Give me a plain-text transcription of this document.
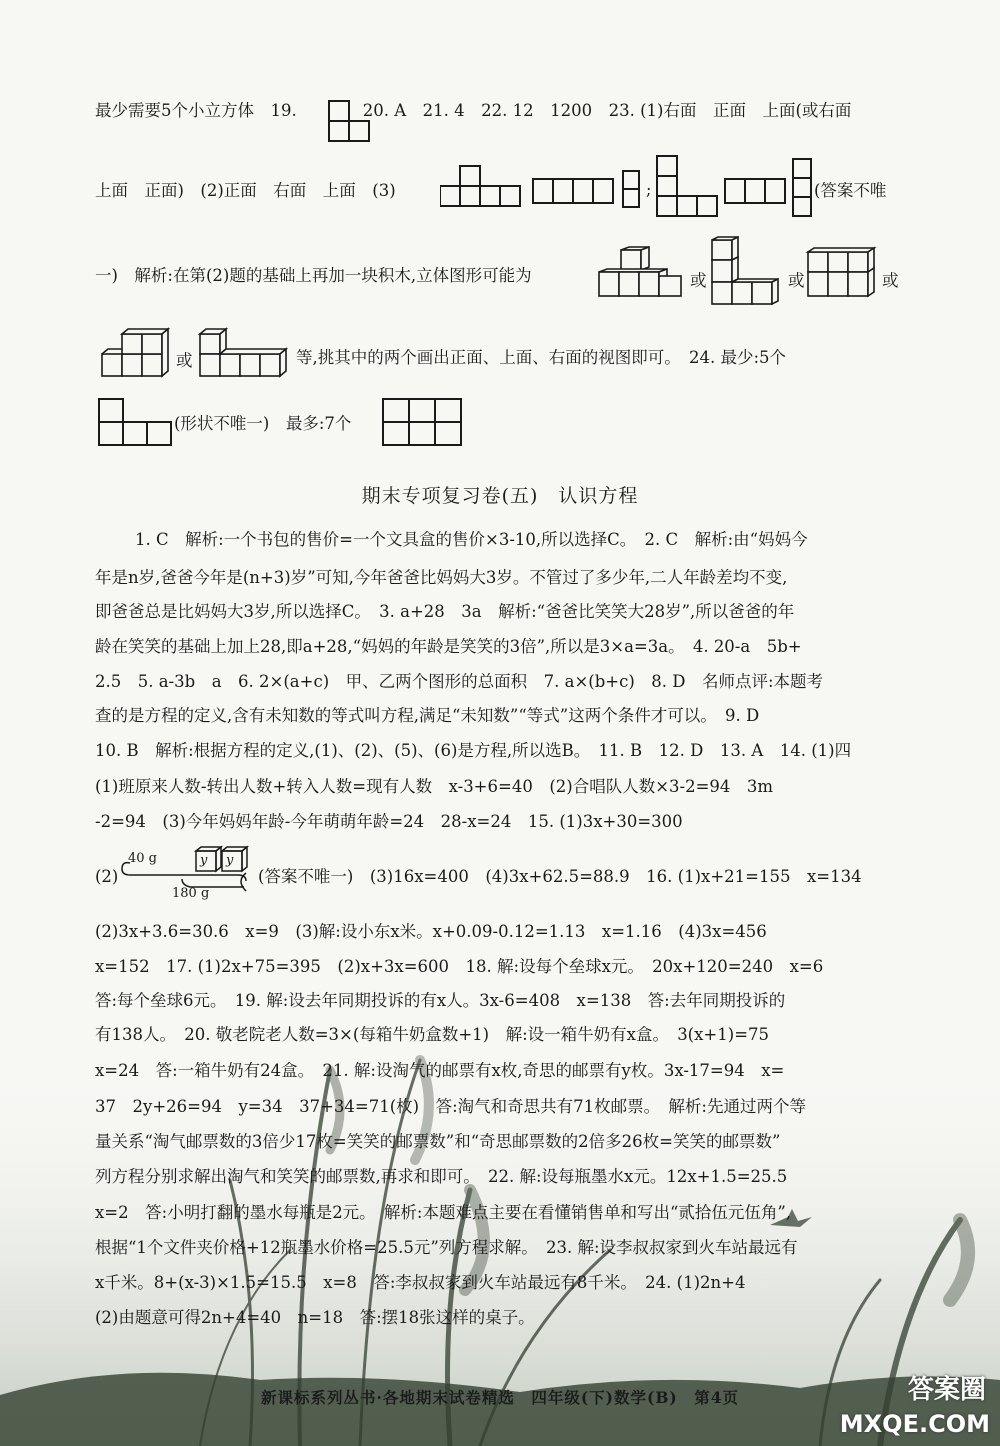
最少需要5个小立方体　19.　　　　20. A　21. 4　22. 12　1200　23. (1)右面　正面　上面(或右面
上面　正面)　(2)正面　右面　上面　(3)	;	(答案不唯
一)　解析:在第(2)题的基础上再加一块积木,立体图形可能为	或	或	或
或	等,挑其中的两个画出正面、上面、右面的视图即可。　24. 最少:5个
(形状不唯一)　最多:7个
期末专项复习卷(五)　认识方程
1. C　解析:一个书包的售价=一个文具盒的售价×3-10,所以选择C。　2. C　解析:由“妈妈今
年是n岁,爸爸今年是(n+3)岁”可知,今年爸爸比妈妈大3岁。不管过了多少年,二人年龄差均不变,
即爸爸总是比妈妈大3岁,所以选择C。　3. a+28　3a　解析:“爸爸比笑笑大28岁”,所以爸爸的年
龄在笑笑的基础上加上28,即a+28,“妈妈的年龄是笑笑的3倍”,所以是3×a=3a。　4. 20-a　5b+
2.5　5. a-3b　a　6. 2×(a+c)　甲、乙两个图形的总面积　7. a×(b+c)　8. D　名师点评:本题考
查的是方程的定义,含有未知数的等式叫方程,满足“未知数”“等式”这两个条件才可以。　9. D
10. B　解析:根据方程的定义,(1)、(2)、(5)、(6)是方程,所以选B。　11. B　12. D　13. A　14. (1)四
(1)班原来人数-转出人数+转入人数=现有人数　x-3+6=40　(2)合唱队人数×3-2=94　3m
-2=94　(3)今年妈妈年龄-今年萌萌年龄=24　28-x=24　15. (1)3x+30=300
(2)
40 g	y y
180 g
(答案不唯一)　(3)16x=400　(4)3x+62.5=88.9　16. (1)x+21=155　x=134
(2)3x+3.6=30.6　x=9　(3)解:设小东x米。x+0.09-0.12=1.13　x=1.16　(4)3x=456
x=152　17. (1)2x+75=395　(2)x+3x=600　18. 解:设每个垒球x元。　20x+120=240　x=6
答:每个垒球6元。　19. 解:设去年同期投诉的有x人。3x-6=408　x=138　答:去年同期投诉的
有138人。　20. 敬老院老人数=3×(每箱牛奶盒数+1)　解:设一箱牛奶有x盒。　3(x+1)=75
x=24　答:一箱牛奶有24盒。　21. 解:设淘气的邮票有x枚,奇思的邮票有y枚。3x-17=94　x=
37　2y+26=94　y=34　37+34=71(枚)　答:淘气和奇思共有71枚邮票。　解析:先通过两个等
量关系“淘气邮票数的3倍少17枚=笑笑的邮票数”和“奇思邮票数的2倍多26枚=笑笑的邮票数”
列方程分别求解出淘气和笑笑的邮票数,再求和即可。　22. 解:设每瓶墨水x元。12x+1.5=25.5
x=2　答:小明打翻的墨水每瓶是2元。　解析:本题难点主要在看懂销售单和写出“贰拾伍元伍角”,
根据“1个文件夹价格+12瓶墨水价格=25.5元”列方程求解。　23. 解:设李叔叔家到火车站最远有
x千米。8+(x-3)×1.5=15.5　x=8　答:李叔叔家到火车站最远有8千米。　24. (1)2n+4
(2)由题意可得2n+4=40　n=18　答:摆18张这样的桌子。
新课标系列丛书·各地期末试卷精选　四年级(下)数学(B)　第4页	答案圈
MXQE.COM
